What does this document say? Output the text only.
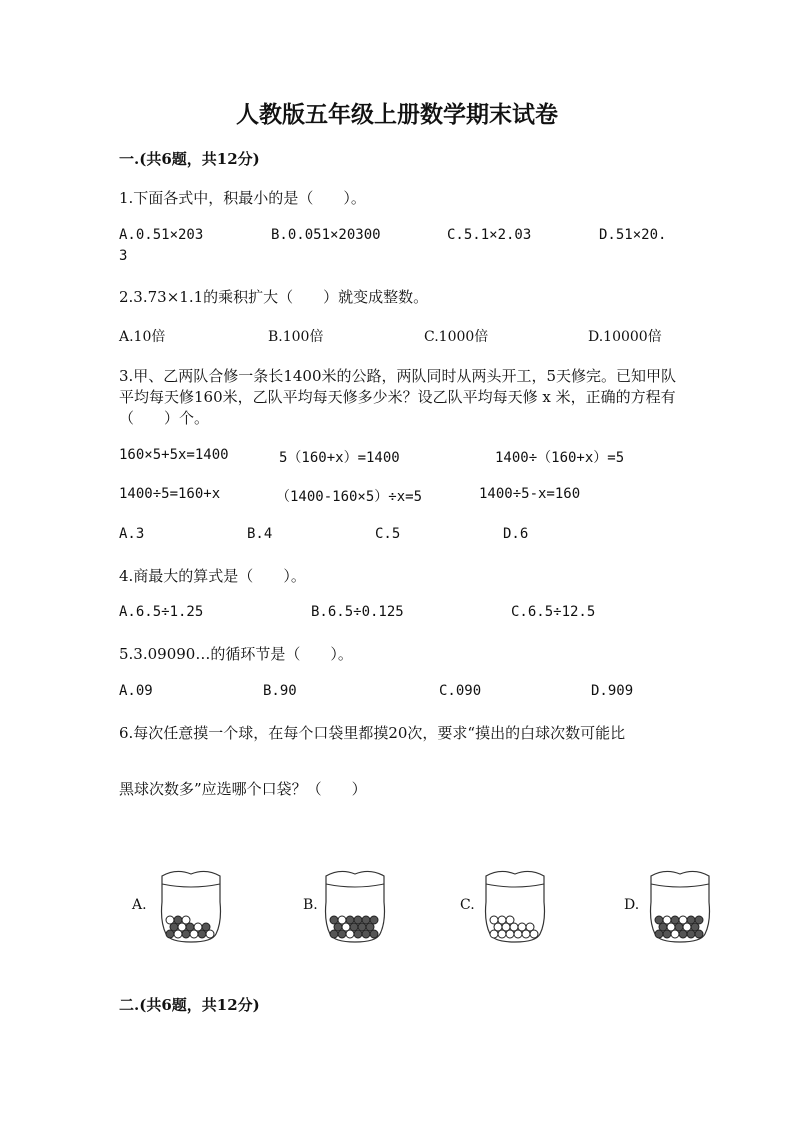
人教版五年级上册数学期末试卷
一.(共6题，共12分)
1.下面各式中，积最小的是（　　）。
A.0.51×203	B.0.051×20300	C.5.1×2.03	D.51×20.
3
2.3.73×1.1的乘积扩大（　　）就变成整数。
A.10倍	B.100倍	C.1000倍	D.10000倍
3.甲、乙两队合修一条长1400米的公路，两队同时从两头开工，5天修完。已知甲队平均每天修160米，乙队平均每天修多少米？设乙队平均每天修 x 米，正确的方程有（　　）个。
160×5+5x=1400	5（160+x）=1400	1400÷（160+x）=5
1400÷5=160+x	（1400-160×5）÷x=5	1400÷5-x=160
A.3	B.4	C.5	D.6
4.商最大的算式是（　　）。
A.6.5÷1.25	B.6.5÷0.125	C.6.5÷12.5
5.3.09090…的循环节是（　　）。
A.09	B.90	C.090	D.909
6.每次任意摸一个球，在每个口袋里都摸20次，要求“摸出的白球次数可能比
黑球次数多”应选哪个口袋？（　　）
A.	B.	C.	D.
二.(共6题，共12分)
